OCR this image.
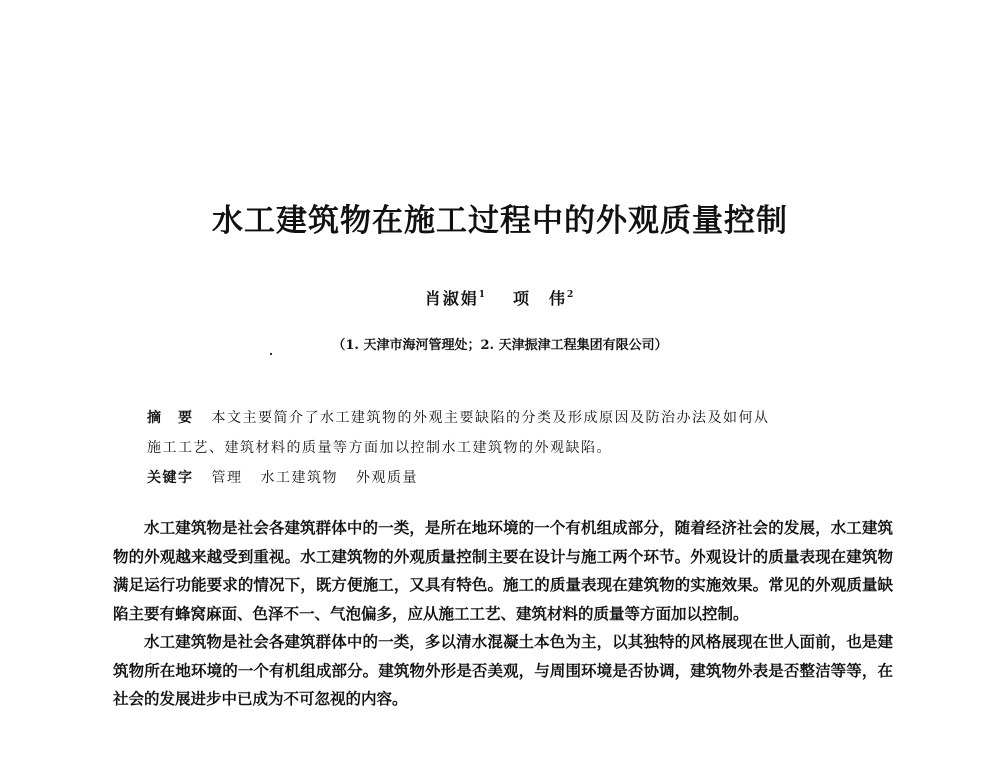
水工建筑物在施工过程中的外观质量控制
肖淑娟$^1$ 项　伟$^2$
（1. 天津市海河管理处；2. 天津振津工程集团有限公司）
摘　要 本文主要简介了水工建筑物的外观主要缺陷的分类及形成原因及防治办法及如何从
施工工艺、建筑材料的质量等方面加以控制水工建筑物的外观缺陷。
关键字 管理 水工建筑物 外观质量

水工建筑物是社会各建筑群体中的一类，是所在地环境的一个有机组成部分，随着经济社会的发展，水工建筑物的外观越来越受到重视。水工建筑物的外观质量控制主要在设计与施工两个环节。外观设计的质量表现在建筑物满足运行功能要求的情况下，既方便施工，又具有特色。施工的质量表现在建筑物的实施效果。常见的外观质量缺陷主要有蜂窝麻面、色泽不一、气泡偏多，应从施工工艺、建筑材料的质量等方面加以控制。

水工建筑物是社会各建筑群体中的一类，多以清水混凝土本色为主，以其独特的风格展现在世人面前，也是建筑物所在地环境的一个有机组成部分。建筑物外形是否美观，与周围环境是否协调，建筑物外表是否整洁等等，在社会的发展进步中已成为不可忽视的内容。
